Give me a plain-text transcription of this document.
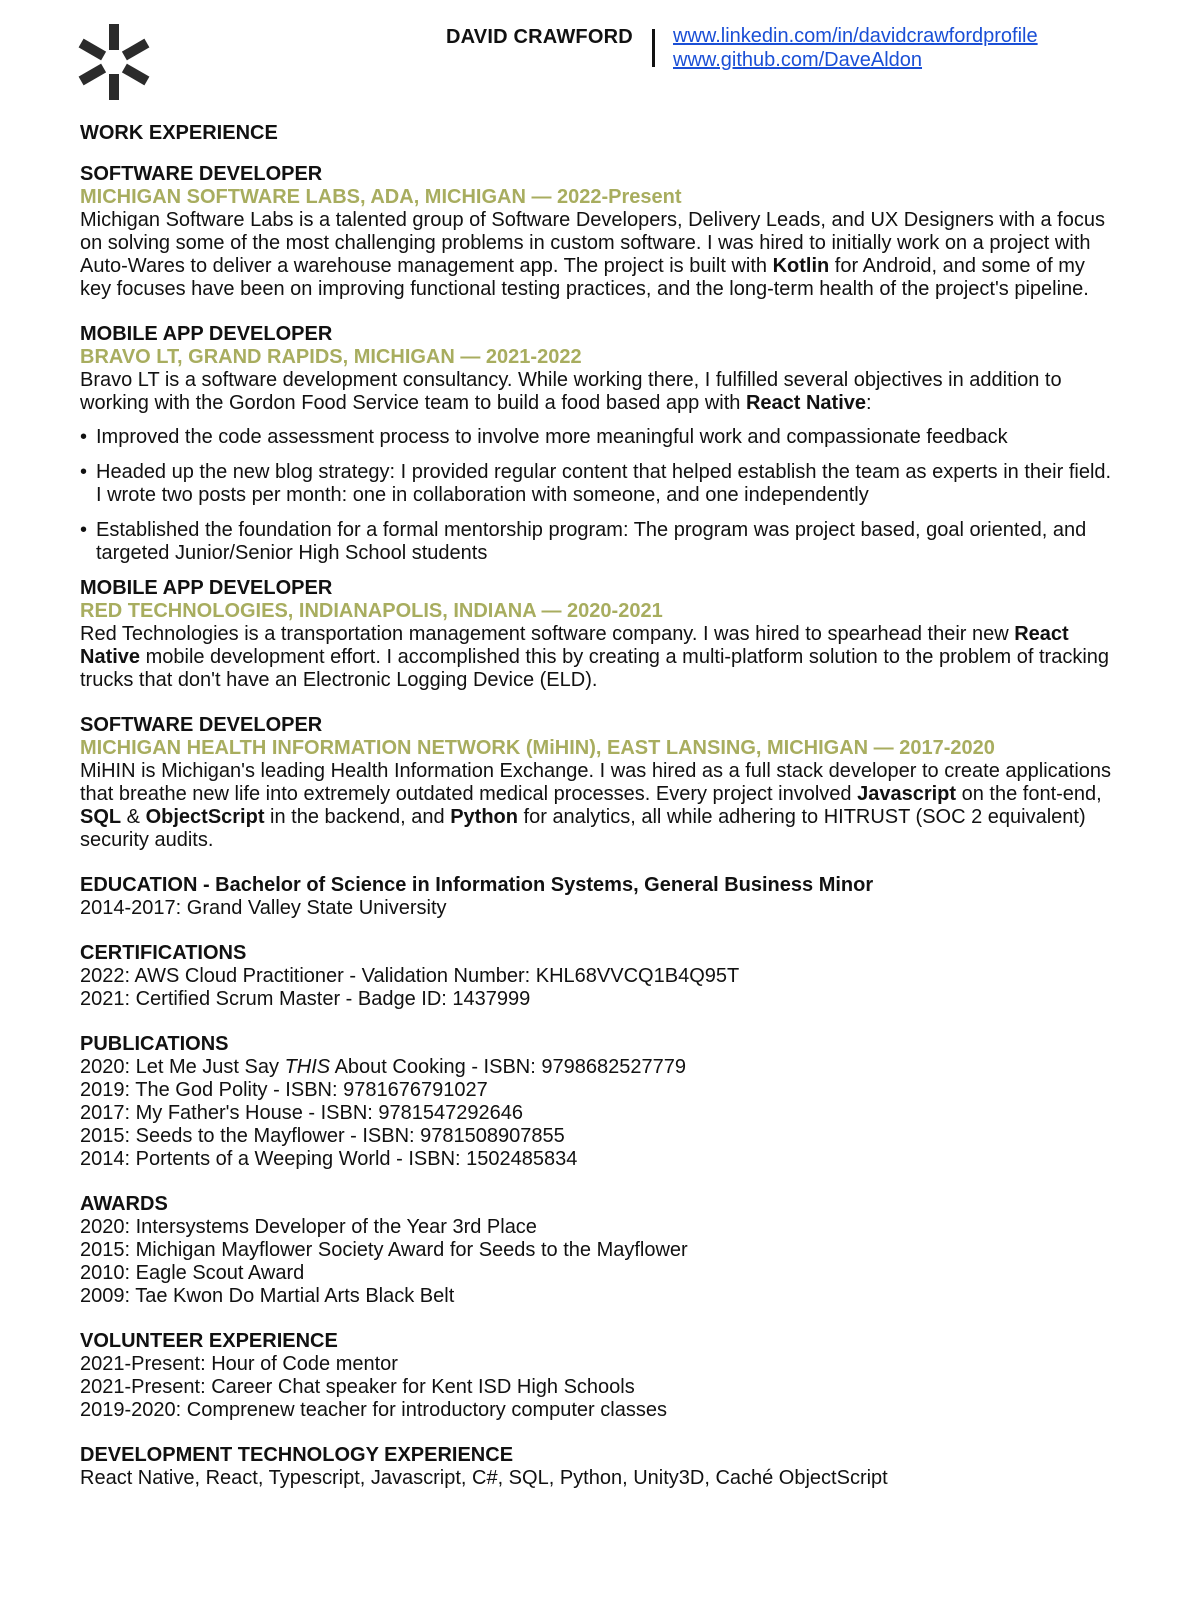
DAVID CRAWFORD www.linkedin.com/in/davidcrawfordprofile
www.github.com/DaveAldon

WORK EXPERIENCE

SOFTWARE DEVELOPER
MICHIGAN SOFTWARE LABS, ADA, MICHIGAN — 2022-Present

Michigan Software Labs is a talented group of Software Developers, Delivery Leads, and UX Designers with a focus on solving some of the most challenging problems in custom software. I was hired to initially work on a project with Auto-Wares to deliver a warehouse management app. The project is built with Kotlin for Android, and some of my key focuses have been on improving functional testing practices, and the long-term health of the project's pipeline.

MOBILE APP DEVELOPER
BRAVO LT, GRAND RAPIDS, MICHIGAN — 2021-2022

Bravo LT is a software development consultancy. While working there, I fulfilled several objectives in addition to working with the Gordon Food Service team to build a food based app with React Native:

• Improved the code assessment process to involve more meaningful work and compassionate feedback
• Headed up the new blog strategy: I provided regular content that helped establish the team as experts in their field. I wrote two posts per month: one in collaboration with someone, and one independently
• Established the foundation for a formal mentorship program: The program was project based, goal oriented, and targeted Junior/Senior High School students
MOBILE APP DEVELOPER
RED TECHNOLOGIES, INDIANAPOLIS, INDIANA — 2020-2021

Red Technologies is a transportation management software company. I was hired to spearhead their new React Native mobile development effort. I accomplished this by creating a multi-platform solution to the problem of tracking trucks that don't have an Electronic Logging Device (ELD).

SOFTWARE DEVELOPER
MICHIGAN HEALTH INFORMATION NETWORK (MiHIN), EAST LANSING, MICHIGAN — 2017-2020

MiHIN is Michigan's leading Health Information Exchange. I was hired as a full stack developer to create applications that breathe new life into extremely outdated medical processes. Every project involved Javascript on the font-end, SQL & ObjectScript in the backend, and Python for analytics, all while adhering to HITRUST (SOC 2 equivalent) security audits.

EDUCATION - Bachelor of Science in Information Systems, General Business Minor

2014-2017: Grand Valley State University

CERTIFICATIONS

2022: AWS Cloud Practitioner - Validation Number: KHL68VVCQ1B4Q95T
2021: Certified Scrum Master - Badge ID: 1437999

PUBLICATIONS

2020: Let Me Just Say THIS About Cooking - ISBN: 9798682527779
2019: The God Polity - ISBN: 9781676791027
2017: My Father's House - ISBN: 9781547292646
2015: Seeds to the Mayflower - ISBN: 9781508907855
2014: Portents of a Weeping World - ISBN: 1502485834

AWARDS

2020: Intersystems Developer of the Year 3rd Place
2015: Michigan Mayflower Society Award for Seeds to the Mayflower
2010: Eagle Scout Award
2009: Tae Kwon Do Martial Arts Black Belt

VOLUNTEER EXPERIENCE

2021-Present: Hour of Code mentor
2021-Present: Career Chat speaker for Kent ISD High Schools
2019-2020: Comprenew teacher for introductory computer classes

DEVELOPMENT TECHNOLOGY EXPERIENCE

React Native, React, Typescript, Javascript, C#, SQL, Python, Unity3D, Caché ObjectScript
